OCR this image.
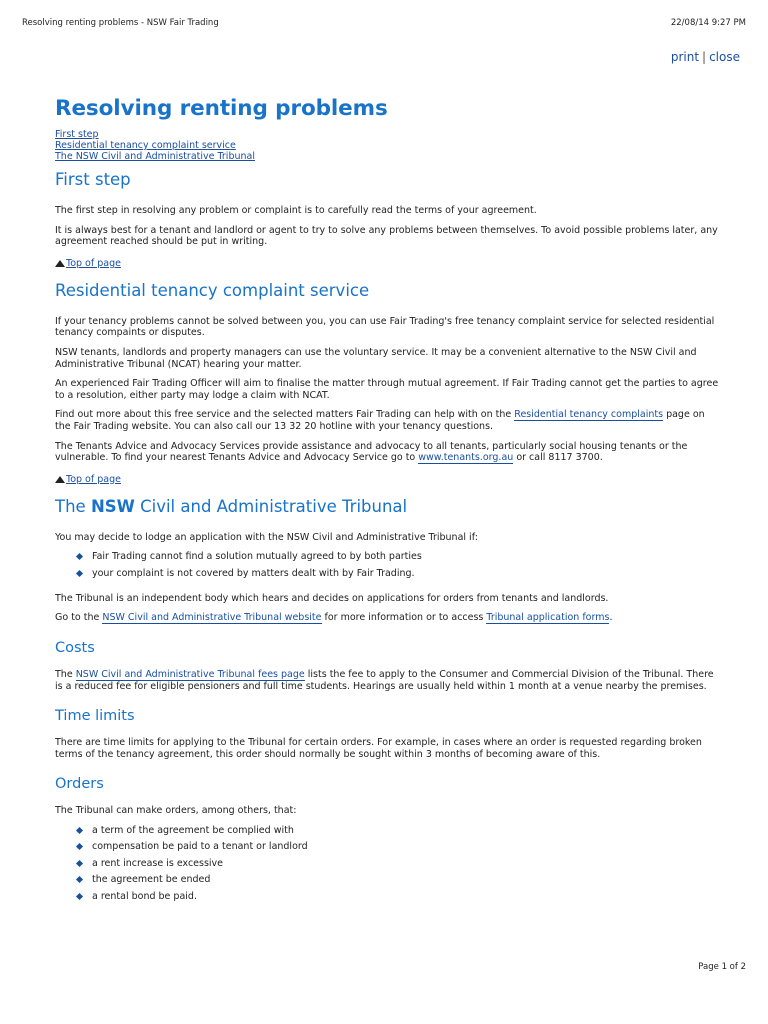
Resolving renting problems - NSW Fair Trading	22/08/14 9:27 PM
print | close
Resolving renting problems
First step
Residential tenancy complaint service
The NSW Civil and Administrative Tribunal
First step

The first step in resolving any problem or complaint is to carefully read the terms of your agreement.

It is always best for a tenant and landlord or agent to try to solve any problems between themselves. To avoid possible problems later, any agreement reached should be put in writing.

Top of page
Residential tenancy complaint service

If your tenancy problems cannot be solved between you, you can use Fair Trading's free tenancy complaint service for selected residential tenancy compaints or disputes.

NSW tenants, landlords and property managers can use the voluntary service. It may be a convenient alternative to the NSW Civil and Administrative Tribunal (NCAT) hearing your matter.

An experienced Fair Trading Officer will aim to finalise the matter through mutual agreement. If Fair Trading cannot get the parties to agree to a resolution, either party may lodge a claim with NCAT.

Find out more about this free service and the selected matters Fair Trading can help with on the Residential tenancy complaints page on the Fair Trading website. You can also call our 13 32 20 hotline with your tenancy questions.

The Tenants Advice and Advocacy Services provide assistance and advocacy to all tenants, particularly social housing tenants or the vulnerable. To find your nearest Tenants Advice and Advocacy Service go to www.tenants.org.au or call 8117 3700.

Top of page
The NSW Civil and Administrative Tribunal

You may decide to lodge an application with the NSW Civil and Administrative Tribunal if:

Fair Trading cannot find a solution mutually agreed to by both parties
your complaint is not covered by matters dealt with by Fair Trading.

The Tribunal is an independent body which hears and decides on applications for orders from tenants and landlords.

Go to the NSW Civil and Administrative Tribunal website for more information or to access Tribunal application forms.

Costs

The NSW Civil and Administrative Tribunal fees page lists the fee to apply to the Consumer and Commercial Division of the Tribunal. There is a reduced fee for eligible pensioners and full time students. Hearings are usually held within 1 month at a venue nearby the premises.

Time limits

There are time limits for applying to the Tribunal for certain orders. For example, in cases where an order is requested regarding broken terms of the tenancy agreement, this order should normally be sought within 3 months of becoming aware of this.

Orders

The Tribunal can make orders, among others, that:

a term of the agreement be complied with
compensation be paid to a tenant or landlord
a rent increase is excessive
the agreement be ended
a rental bond be paid.
Page 1 of 2
